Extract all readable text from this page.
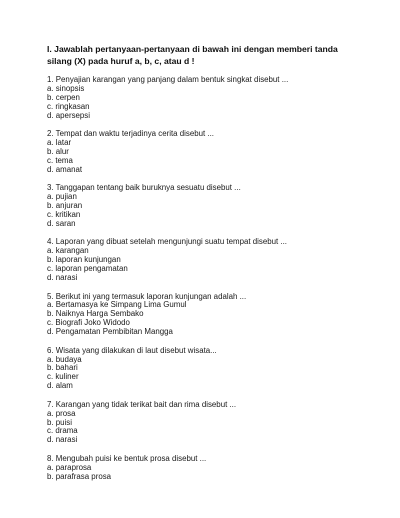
I. Jawablah pertanyaan-pertanyaan di bawah ini dengan memberi tanda silang (X) pada huruf a, b, c, atau d !
1. Penyajian karangan yang panjang dalam bentuk singkat disebut ...
a. sinopsis
b. cerpen
c. ringkasan
d. apersepsi
2. Tempat dan waktu terjadinya cerita disebut ...
a. latar
b. alur
c. tema
d. amanat
3. Tanggapan tentang baik buruknya sesuatu disebut ...
a. pujian
b. anjuran
c. kritikan
d. saran
4. Laporan yang dibuat setelah mengunjungi suatu tempat disebut ...
a. karangan
b. laporan kunjungan
c. laporan pengamatan
d. narasi
5. Berikut ini yang termasuk laporan kunjungan adalah ...
a. Bertamasya ke Simpang Lima Gumul
b. Naiknya Harga Sembako
c. Biografi Joko Widodo
d. Pengamatan Pembibitan Mangga
6. Wisata yang dilakukan di laut disebut wisata...
a. budaya
b. bahari
c. kuliner
d. alam
7. Karangan yang tidak terikat bait dan rima disebut ...
a. prosa
b. puisi
c. drama
d. narasi
8. Mengubah puisi ke bentuk prosa disebut ...
a. paraprosa
b. parafrasa prosa
